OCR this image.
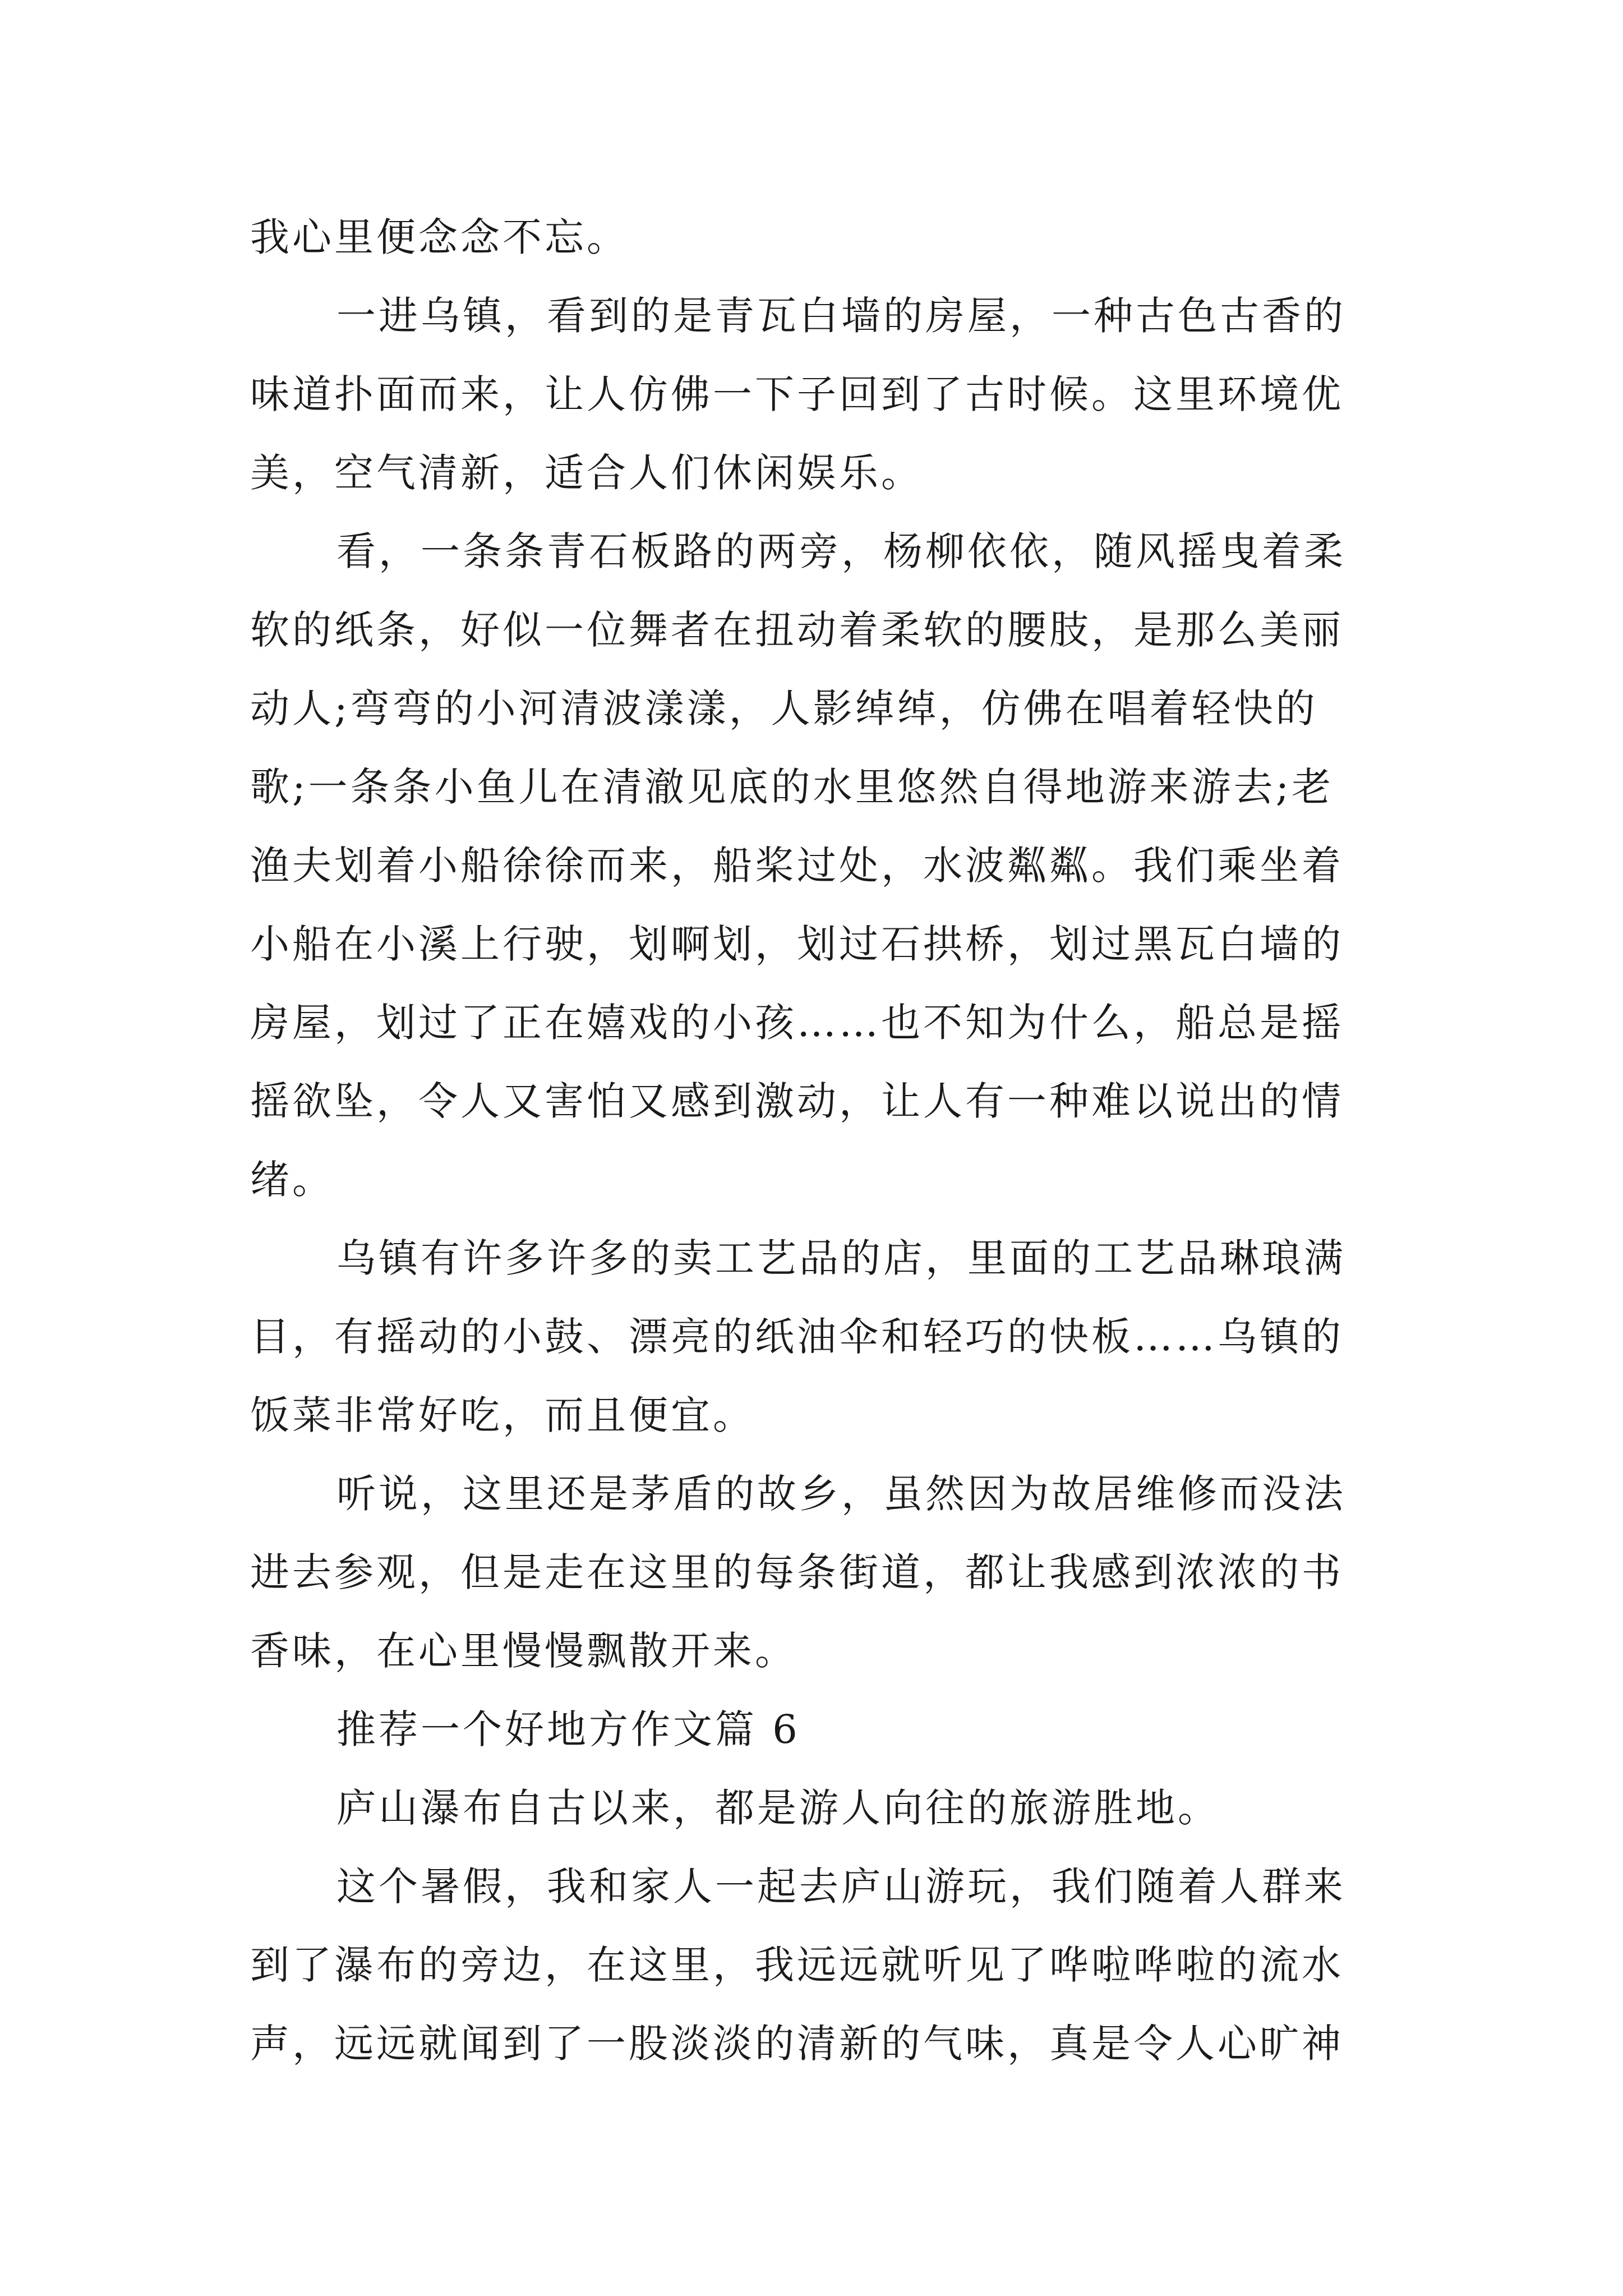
我心里便念念不忘。
一进乌镇，看到的是青瓦白墙的房屋，一种古色古香的
味道扑面而来，让人仿佛一下子回到了古时候。这里环境优
美，空气清新，适合人们休闲娱乐。
看，一条条青石板路的两旁，杨柳依依，随风摇曳着柔
软的纸条，好似一位舞者在扭动着柔软的腰肢，是那么美丽
动人;弯弯的小河清波漾漾，人影绰绰，仿佛在唱着轻快的
歌;一条条小鱼儿在清澈见底的水里悠然自得地游来游去;老
渔夫划着小船徐徐而来，船桨过处，水波粼粼。我们乘坐着
小船在小溪上行驶，划啊划，划过石拱桥，划过黑瓦白墙的
房屋，划过了正在嬉戏的小孩……也不知为什么，船总是摇
摇欲坠，令人又害怕又感到激动，让人有一种难以说出的情
绪。
乌镇有许多许多的卖工艺品的店，里面的工艺品琳琅满
目，有摇动的小鼓、漂亮的纸油伞和轻巧的快板……乌镇的
饭菜非常好吃，而且便宜。
听说，这里还是茅盾的故乡，虽然因为故居维修而没法
进去参观，但是走在这里的每条街道，都让我感到浓浓的书
香味，在心里慢慢飘散开来。
推荐一个好地方作文篇 6
庐山瀑布自古以来，都是游人向往的旅游胜地。
这个暑假，我和家人一起去庐山游玩，我们随着人群来
到了瀑布的旁边，在这里，我远远就听见了哗啦哗啦的流水
声，远远就闻到了一股淡淡的清新的气味，真是令人心旷神
